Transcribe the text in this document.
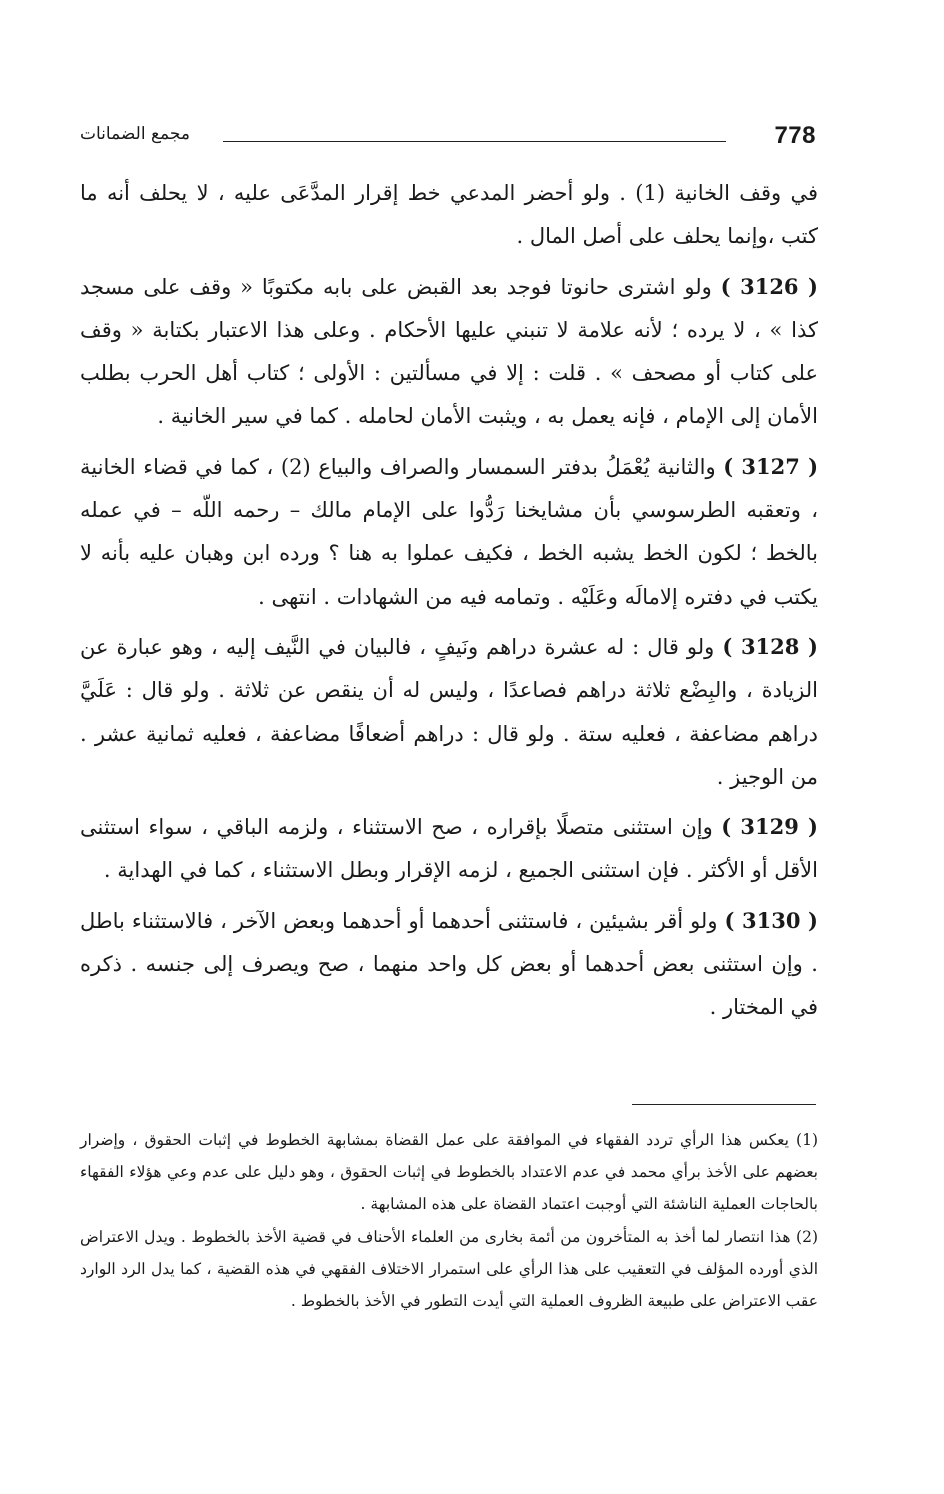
778
مجمع الضمانات

في وقف الخانية (1) . ولو أحضر المدعي خط إقرار المدَّعَى عليه ، لا يحلف أنه ما كتب ،وإنما يحلف على أصل المال .

( 3126 ) ولو اشترى حانوتا فوجد بعد القبض على بابه مكتوبًا « وقف على مسجد كذا » ، لا يرده ؛ لأنه علامة لا تنبني عليها الأحكام . وعلى هذا الاعتبار بكتابة « وقف على كتاب أو مصحف » . قلت : إلا في مسألتين : الأولى ؛ كتاب أهل الحرب بطلب الأمان إلى الإمام ، فإنه يعمل به ، ويثبت الأمان لحامله . كما في سير الخانية .

( 3127 ) والثانية يُعْمَلُ بدفتر السمسار والصراف والبياع (2) ، كما في قضاء الخانية ، وتعقبه الطرسوسي بأن مشايخنا رَدُّوا على الإمام مالك – رحمه اللّه – في عمله بالخط ؛ لكون الخط يشبه الخط ، فكيف عملوا به هنا ؟ ورده ابن وهبان عليه بأنه لا يكتب في دفتره إلامالَه وعَلَيْه . وتمامه فيه من الشهادات . انتهى .

( 3128 ) ولو قال : له عشرة دراهم ونَيفٍ ، فالبيان في النَّيف إليه ، وهو عبارة عن الزيادة ، والبِضْع ثلاثة دراهم فصاعدًا ، وليس له أن ينقص عن ثلاثة . ولو قال : عَلَيَّ دراهم مضاعفة ، فعليه ستة . ولو قال : دراهم أضعافًا مضاعفة ، فعليه ثمانية عشر . من الوجيز .

( 3129 ) وإن استثنى متصلًا بإقراره ، صح الاستثناء ، ولزمه الباقي ، سواء استثنى الأقل أو الأكثر . فإن استثنى الجميع ، لزمه الإقرار وبطل الاستثناء ، كما في الهداية .

( 3130 ) ولو أقر بشيئين ، فاستثنى أحدهما أو أحدهما وبعض الآخر ، فالاستثناء باطل . وإن استثنى بعض أحدهما أو بعض كل واحد منهما ، صح ويصرف إلى جنسه . ذكره في المختار .

(1) يعكس هذا الرأي تردد الفقهاء في الموافقة على عمل القضاة بمشابهة الخطوط في إثبات الحقوق ، وإضرار بعضهم على الأخذ برأي محمد في عدم الاعتداد بالخطوط في إثبات الحقوق ، وهو دليل على عدم وعي هؤلاء الفقهاء بالحاجات العملية الناشئة التي أوجبت اعتماد القضاة على هذه المشابهة .

(2) هذا انتصار لما أخذ به المتأخرون من أئمة بخارى من العلماء الأحناف في قضية الأخذ بالخطوط . ويدل الاعتراض الذي أورده المؤلف في التعقيب على هذا الرأي على استمرار الاختلاف الفقهي في هذه القضية ، كما يدل الرد الوارد عقب الاعتراض على طبيعة الظروف العملية التي أيدت التطور في الأخذ بالخطوط .
